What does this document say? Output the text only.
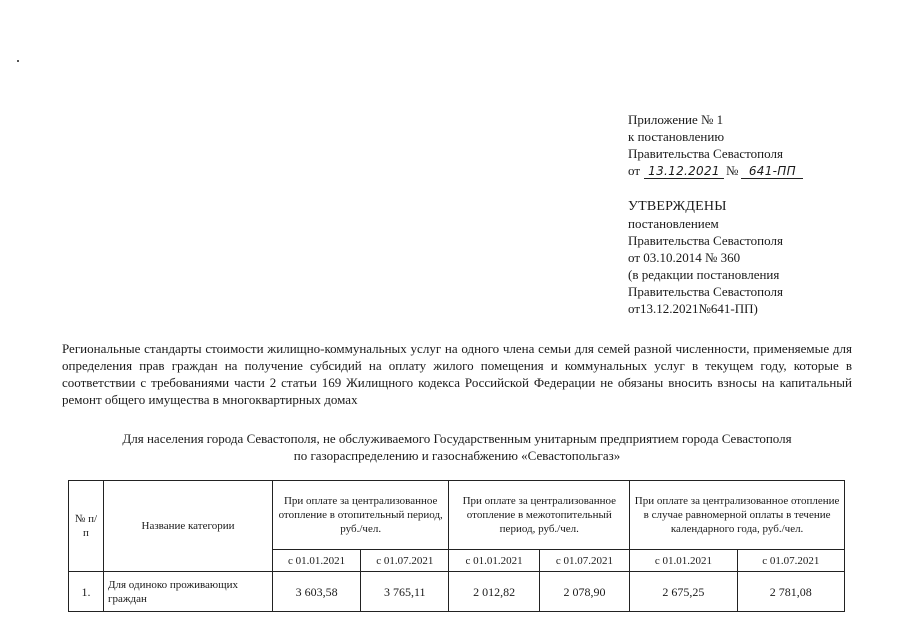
Приложение № 1
к постановлению
Правительства Севастополя
от 13.12.2021 № 641-ПП
УТВЕРЖДЕНЫ
постановлением
Правительства Севастополя
от 03.10.2014 № 360
(в редакции постановления
Правительства Севастополя
от13.12.2021№641-ПП)
Региональные стандарты стоимости жилищно-коммунальных услуг на одного члена семьи для семей разной численности, применяемые для определения прав граждан на получение субсидий на оплату жилого помещения и коммунальных услуг в текущем году, которые в соответствии с требованиями части 2 статьи 169 Жилищного кодекса Российской Федерации не обязаны вносить взносы на капитальный ремонт общего имущества в многоквартирных домах
Для населения города Севастополя, не обслуживаемого Государственным унитарным предприятием города Севастополя
по газораспределению и газоснабжению «Севастопольгаз»
№ п/п	Название категории	При оплате за централизованное отопление в отопительный период, руб./чел.		При оплате за централизованное отопление в межотопительный период, руб./чел.		При оплате за централизованное отопление в случае равномерной оплаты в течение календарного года, руб./чел.	
		с 01.01.2021	с 01.07.2021	с 01.01.2021	с 01.07.2021	с 01.01.2021	с 01.07.2021
1.	Для одиноко проживающих граждан	3 603,58	3 765,11	2 012,82	2 078,90	2 675,25	2 781,08
